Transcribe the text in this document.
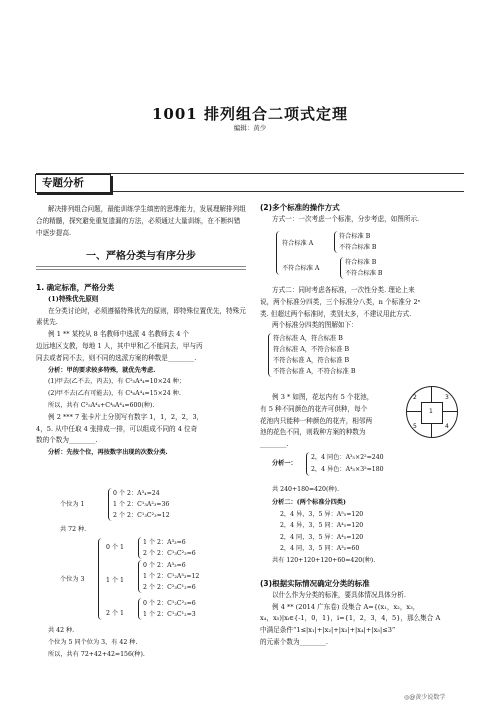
1001 排列组合二项式定理
编辑：黄少
专题分析

解决排列组合问题，最能训练学生缜密的思维能力，发展理解排列组合的精髓，探究避免重复遗漏的方法，必须通过大量训练，在不断纠错中逐步提高.

一、严格分类与有序分步

1. 确定标准，严格分类

(1)特殊优先原则

在分类讨论时，必须遵循特殊优先的原则，即特殊位置优先，特殊元素优先.

例 1 ** 某校从 8 名教师中选派 4 名教师去 4 个

边远地区支教，每地 1 人，其中甲和乙不能同去，甲与丙

同去或者同不去，则不同的选派方案的种数是________.

分析：甲的要求较多特殊，就优先考虑.

(1)甲去(乙不去，丙去)，有 C²₅A⁴₄=10×24 种；

(2)甲不去(乙有可能去)，有 C⁴₆A⁴₄=15×24 种.

所以，共有 C²₅A⁴₄+C⁴₆A⁴₄=600(种).

例 2 *** 7 张卡片上分别写有数字 1，1，2，2，3，

4，5. 从中任取 4 张排成一排，可以组成不同的 4 位奇

数的个数为________.

分析：先按个位，再按数字出现的次数分类.

个位为 1
0 个 2：A³₄=24
1 个 2：C¹₃A²₃=36
2 个 2：C¹₃C²₃=12
共 72 种.
个位为 3
0 个 1
1 个 1
2 个 1
1 个 2：A³₃=6
2 个 2：C¹₃C²₃=6
0 个 2：A³₃=6
1 个 2：C¹₂A³₃=12
2 个 2：C²₃C¹₂=6
0 个 2：C¹₂C²₃=6
1 个 2：C¹₃C¹₂=3

共 42 种.

个位为 5 同个位为 3，有 42 种.

所以，共有 72+42+42=156(种).

(2)多个标准的操作方式

方式一：一次考虑一个标准，分步考虑，如图所示.

符合标准 A
不符合标准 A
符合标准 B
不符合标准 B
符合标准 B
不符合标准 B

方式二：同时考虑各标准，一次性分类. 理论上来

说，两个标准分四类，三个标准分八类，n 个标准分 2ⁿ

类. 但超过两个标准时，类别太多，不建议用此方式.

两个标准分四类的图解如下：

符合标准 A，符合标准 B
符合标准 A，不符合标准 B
不符合标准 A，符合标准 B
不符合标准 A，不符合标准 B

例 3 * 如图，花坛内有 5 个花池，

有 5 种不同颜色的花卉可供种，每个

花池内只能种一种颜色的花卉，相邻两

池的花色不同，则栽种方案的种数为

________.

2
1
3
4
5
分析一：
2，4 同色：A³₅×2²=240
2，4 异色：A⁴₅×3²=180
共 240+180=420(种).
分析二：(两个标准分四类)
2，4 异，3，5 异：A⁵₅=120
2，4 异，3，5 同：A⁴₅=120
2，4 同，3，5 异：A⁴₅=120
2，4 同，3，5 同：A³₅=60
共有 120+120+120+60=420(种).

(3)根据实际情况确定分类的标准

以什么作为分类的标准，要具体情况具体分析.

例 4 ** (2014 广东卷) 设集合 A={(x₁，x₂，x₃，

x₄，x₅)|xᵢ∈{-1，0，1}，i={1，2，3，4，5}，那么集合 A

中满足条件“1≤|x₁|+|x₂|+|x₃|+|x₄|+|x₅|≤3”

的元素个数为________.

◎@黄少说数学
